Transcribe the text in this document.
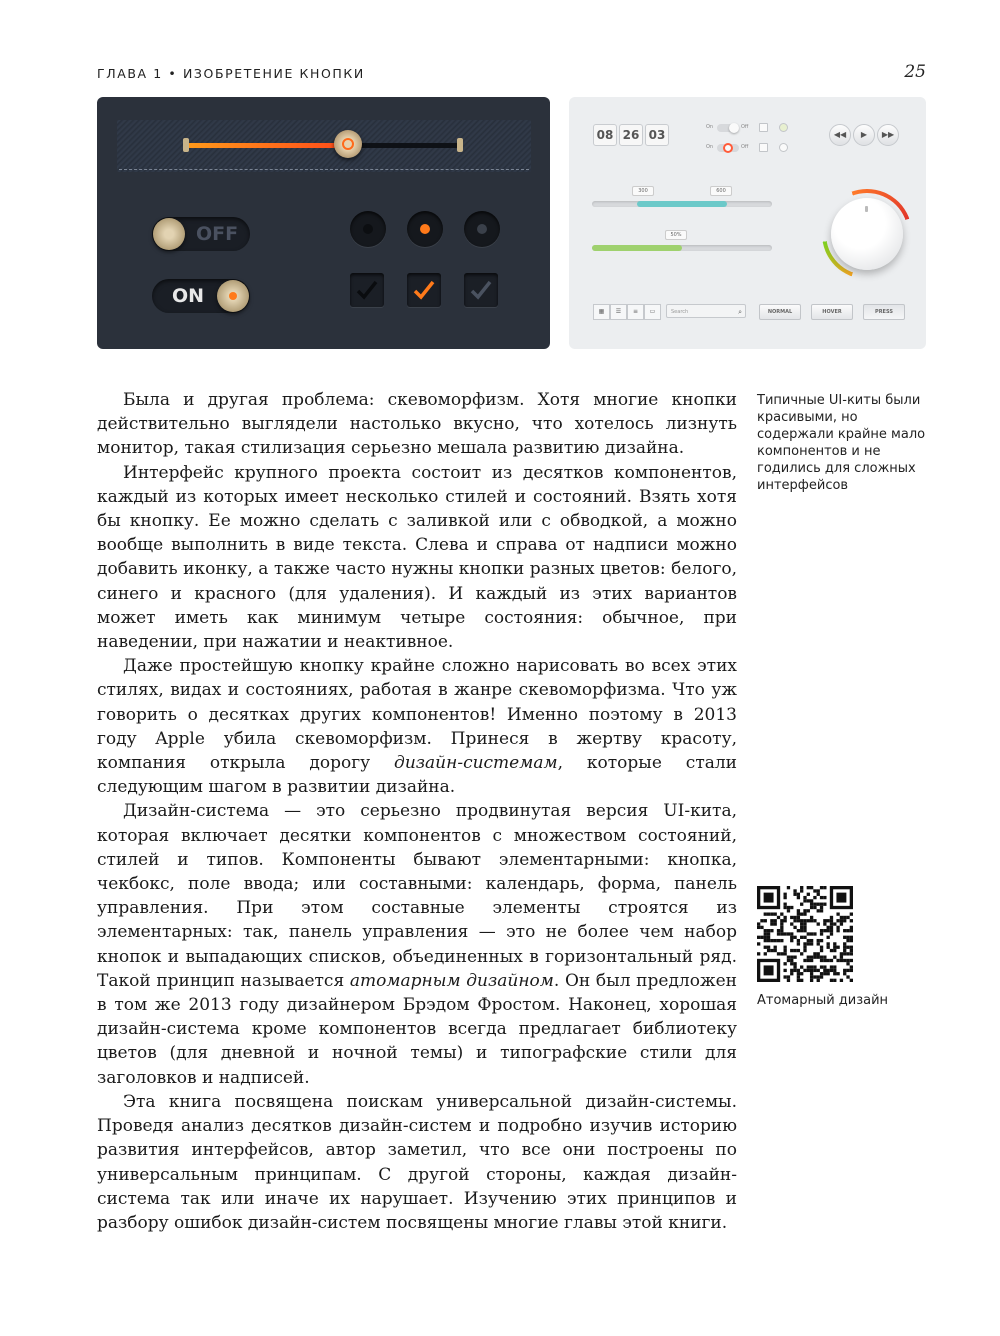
ГЛАВА 1 • ИЗОБРЕТЕНИЕ КНОПКИ	25
OFF
ON
08 26 03
On	Off
On	Off
◀◀	▶	▶▶
300	600
50%
▦	☰	≡	▭	Search	⌕	NORMAL	HOVER	PRESS

Была и другая проблема: скевоморфизм. Хотя многие кнопки действительно выглядели настолько вкусно, что хотелось лизнуть монитор, такая стилизация серьезно мешала развитию дизайна.

Интерфейс крупного проекта состоит из десятков компонентов, каждый из которых имеет несколько стилей и состояний. Взять хотя бы кнопку. Ее можно сделать с заливкой или с обводкой, а можно вообще выполнить в виде текста. Слева и справа от надписи можно добавить иконку, а также часто нужны кнопки разных цветов: белого, синего и красного (для удаления). И каждый из этих вариантов может иметь как минимум четыре состояния: обычное, при наведении, при нажатии и неактивное.

Даже простейшую кнопку крайне сложно нарисовать во всех этих стилях, видах и состояниях, работая в жанре скевоморфизма. Что уж говорить о десятках других компонентов! Именно поэтому в 2013 году Apple убила скевоморфизм. Принеся в жертву красоту, компания открыла дорогу дизайн-системам, которые стали следующим шагом в развитии дизайна.

Дизайн-система — это серьезно продвинутая версия UI-кита, которая включает десятки компонентов с множеством состояний, стилей и типов. Компоненты бывают элементарными: кнопка, чекбокс, поле ввода; или составными: календарь, форма, панель управления. При этом составные элементы строятся из элементарных: так, панель управления — это не более чем набор кнопок и выпадающих списков, объединенных в горизонтальный ряд. Такой принцип называется атомарным дизайном. Он был предложен в том же 2013 году дизайнером Брэдом Фростом. Наконец, хорошая дизайн-система кроме компонентов всегда предлагает библиотеку цветов (для дневной и ночной темы) и типографские стили для заголовков и надписей.

Эта книга посвящена поискам универсальной дизайн-системы. Проведя анализ десятков дизайн-систем и подробно изучив историю развития интерфейсов, автор заметил, что все они построены по универсальным принципам. С другой стороны, каждая дизайн-система так или иначе их нарушает. Изучению этих принципов и разбору ошибок дизайн-систем посвящены многие главы этой книги.

Типичные UI-киты были красивыми, но содержали крайне мало компонентов и не годились для сложных интерфейсов
Атомарный дизайн
